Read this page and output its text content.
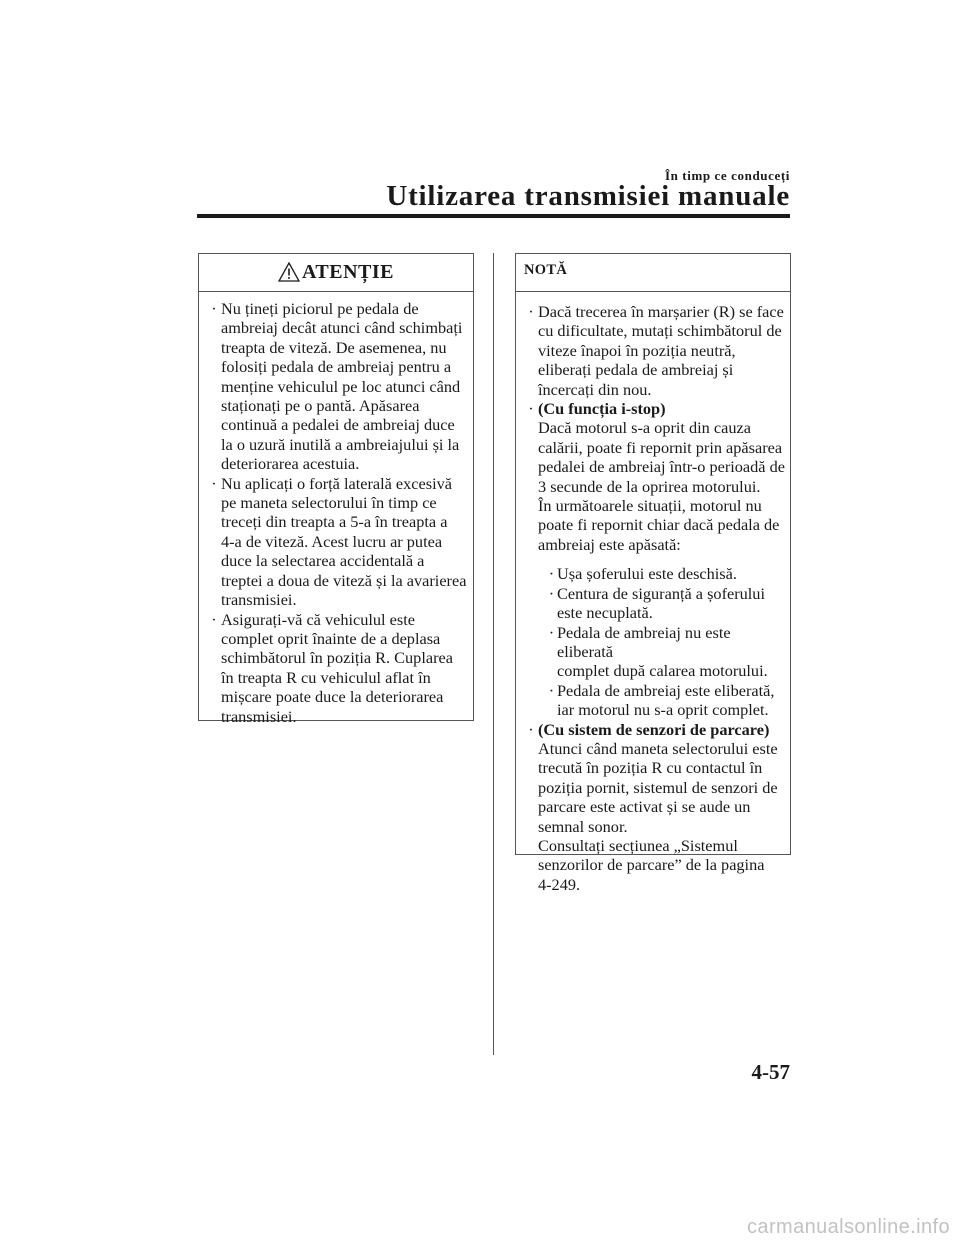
În timp ce conduceți
Utilizarea transmisiei manuale
ATENȚIE
· Nu țineți piciorul pe pedala de
ambreiaj decât atunci când schimbați
treapta de viteză. De asemenea, nu
folosiți pedala de ambreiaj pentru a
menține vehiculul pe loc atunci când
staționați pe o pantă. Apăsarea
continuă a pedalei de ambreiaj duce
la o uzură inutilă a ambreiajului și la
deteriorarea acestuia.
· Nu aplicați o forță laterală excesivă
pe maneta selectorului în timp ce
treceți din treapta a 5-a în treapta a
4-a de viteză. Acest lucru ar putea
duce la selectarea accidentală a
treptei a doua de viteză și la avarierea
transmisiei.
· Asigurați-vă că vehiculul este
complet oprit înainte de a deplasa
schimbătorul în poziția R. Cuplarea
în treapta R cu vehiculul aflat în
mișcare poate duce la deteriorarea
transmisiei.
NOTĂ
· Dacă trecerea în marșarier (R) se face
cu dificultate, mutați schimbătorul de
viteze înapoi în poziția neutră,
eliberați pedala de ambreiaj și
încercați din nou.
· (Cu funcția i-stop)
Dacă motorul s-a oprit din cauza
calării, poate fi repornit prin apăsarea
pedalei de ambreiaj într-o perioadă de
3 secunde de la oprirea motorului.
În următoarele situații, motorul nu
poate fi repornit chiar dacă pedala de
ambreiaj este apăsată:
· Ușa șoferului este deschisă.
· Centura de siguranță a șoferului
este necuplată.
· Pedala de ambreiaj nu este eliberată
complet după calarea motorului.
· Pedala de ambreiaj este eliberată,
iar motorul nu s-a oprit complet.
· (Cu sistem de senzori de parcare)
Atunci când maneta selectorului este
trecută în poziția R cu contactul în
poziția pornit, sistemul de senzori de
parcare este activat și se aude un
semnal sonor.
Consultați secțiunea „Sistemul
senzorilor de parcare” de la pagina
4-249.
4-57
carmanualsonline.info
